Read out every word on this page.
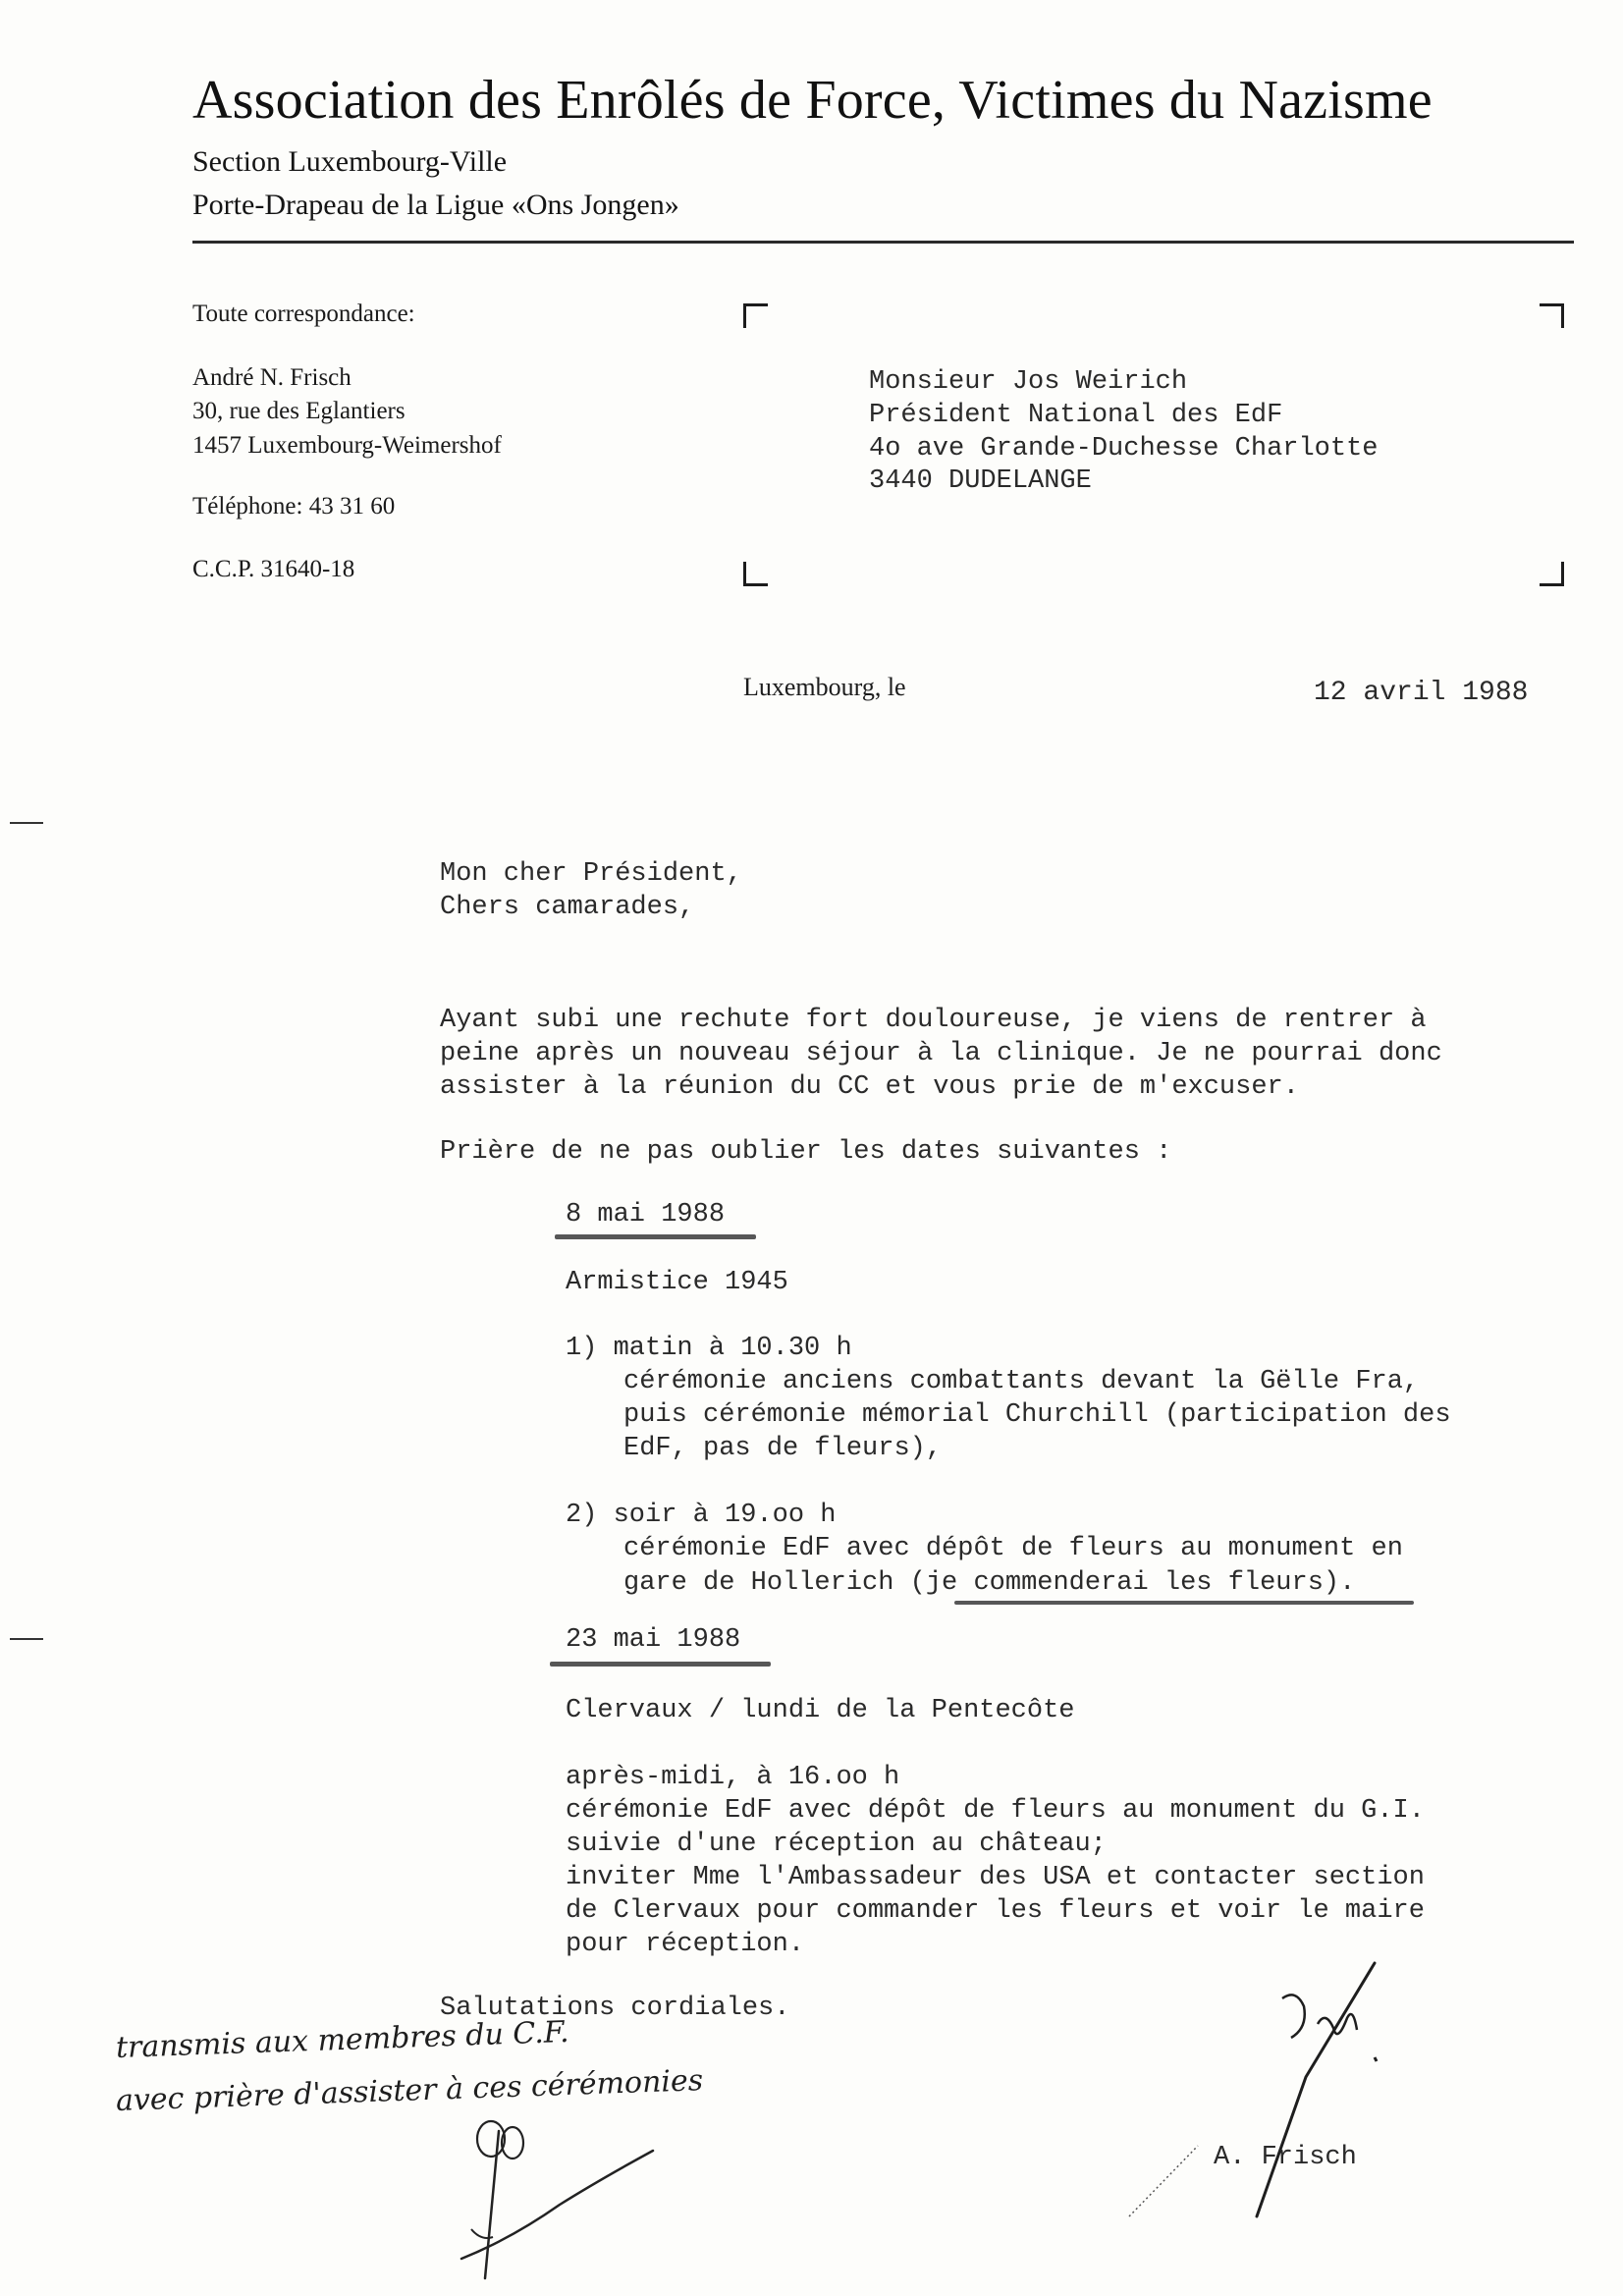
Association des Enrôlés de Force, Victimes du Nazisme
Section Luxembourg-Ville
Porte-Drapeau de la Ligue «Ons Jongen»
Toute correspondance:
André N. Frisch
30, rue des Eglantiers
1457 Luxembourg-Weimershof
Téléphone: 43 31 60
C.C.P. 31640-18
Monsieur Jos Weirich
Président National des EdF
4o ave Grande-Duchesse Charlotte
3440 DUDELANGE
Luxembourg, le	12 avril 1988
Mon cher Président,
Chers camarades,
Ayant subi une rechute fort douloureuse, je viens de rentrer à
peine après un nouveau séjour à la clinique. Je ne pourrai donc
assister à la réunion du CC et vous prie de m'excuser.
Prière de ne pas oublier les dates suivantes :
8 mai 1988
Armistice 1945
1) matin à 10.30 h
cérémonie anciens combattants devant la Gëlle Fra,
puis cérémonie mémorial Churchill (participation des
EdF, pas de fleurs),
2) soir à 19.oo h
cérémonie EdF avec dépôt de fleurs au monument en
gare de Hollerich (je commenderai les fleurs).
23 mai 1988
Clervaux / lundi de la Pentecôte
après-midi, à 16.oo h
cérémonie EdF avec dépôt de fleurs au monument du G.I.
suivie d'une réception au château;
inviter Mme l'Ambassadeur des USA et contacter section
de Clervaux pour commander les fleurs et voir le maire
pour réception.
Salutations cordiales.
transmis aux membres du C.F.
avec prière d'assister à ces cérémonies
A. Frisch
